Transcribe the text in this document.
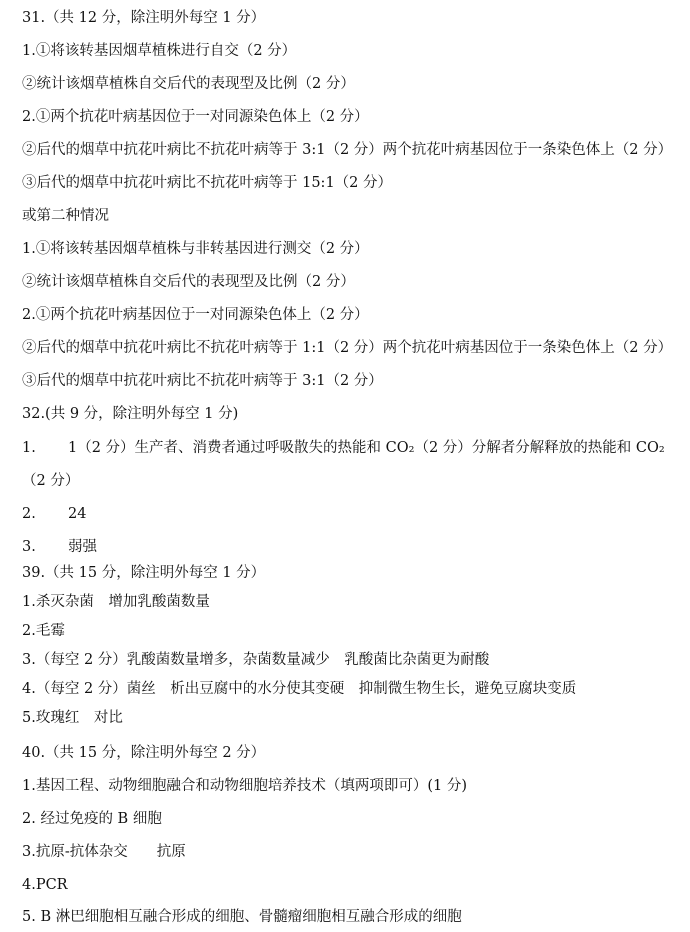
31.（共 12 分，除注明外每空 1 分）
1.①将该转基因烟草植株进行自交（2 分）
②统计该烟草植株自交后代的表现型及比例（2 分）
2.①两个抗花叶病基因位于一对同源染色体上（2 分）
②后代的烟草中抗花叶病比不抗花叶病等于 3:1（2 分）两个抗花叶病基因位于一条染色体上（2 分）
③后代的烟草中抗花叶病比不抗花叶病等于 15:1（2 分）
或第二种情况
1.①将该转基因烟草植株与非转基因进行测交（2 分）
②统计该烟草植株自交后代的表现型及比例（2 分）
2.①两个抗花叶病基因位于一对同源染色体上（2 分）
②后代的烟草中抗花叶病比不抗花叶病等于 1:1（2 分）两个抗花叶病基因位于一条染色体上（2 分）
③后代的烟草中抗花叶病比不抗花叶病等于 3:1（2 分）
32.(共 9 分，除注明外每空 1 分)
1. 1（2 分）生产者、消费者通过呼吸散失的热能和 CO₂（2 分）分解者分解释放的热能和 CO₂（2 分）
2. 24
3. 弱强
39.（共 15 分，除注明外每空 1 分）
1.杀灭杂菌　增加乳酸菌数量
2.毛霉
3.（每空 2 分）乳酸菌数量增多，杂菌数量减少　乳酸菌比杂菌更为耐酸
4.（每空 2 分）菌丝　析出豆腐中的水分使其变硬　抑制微生物生长，避免豆腐块变质
5.玫瑰红　对比
40.（共 15 分，除注明外每空 2 分）
1.基因工程、动物细胞融合和动物细胞培养技术（填两项即可）(1 分)
2. 经过免疫的 B 细胞
3.抗原-抗体杂交　　抗原
4.PCR
5. B 淋巴细胞相互融合形成的细胞、骨髓瘤细胞相互融合形成的细胞
